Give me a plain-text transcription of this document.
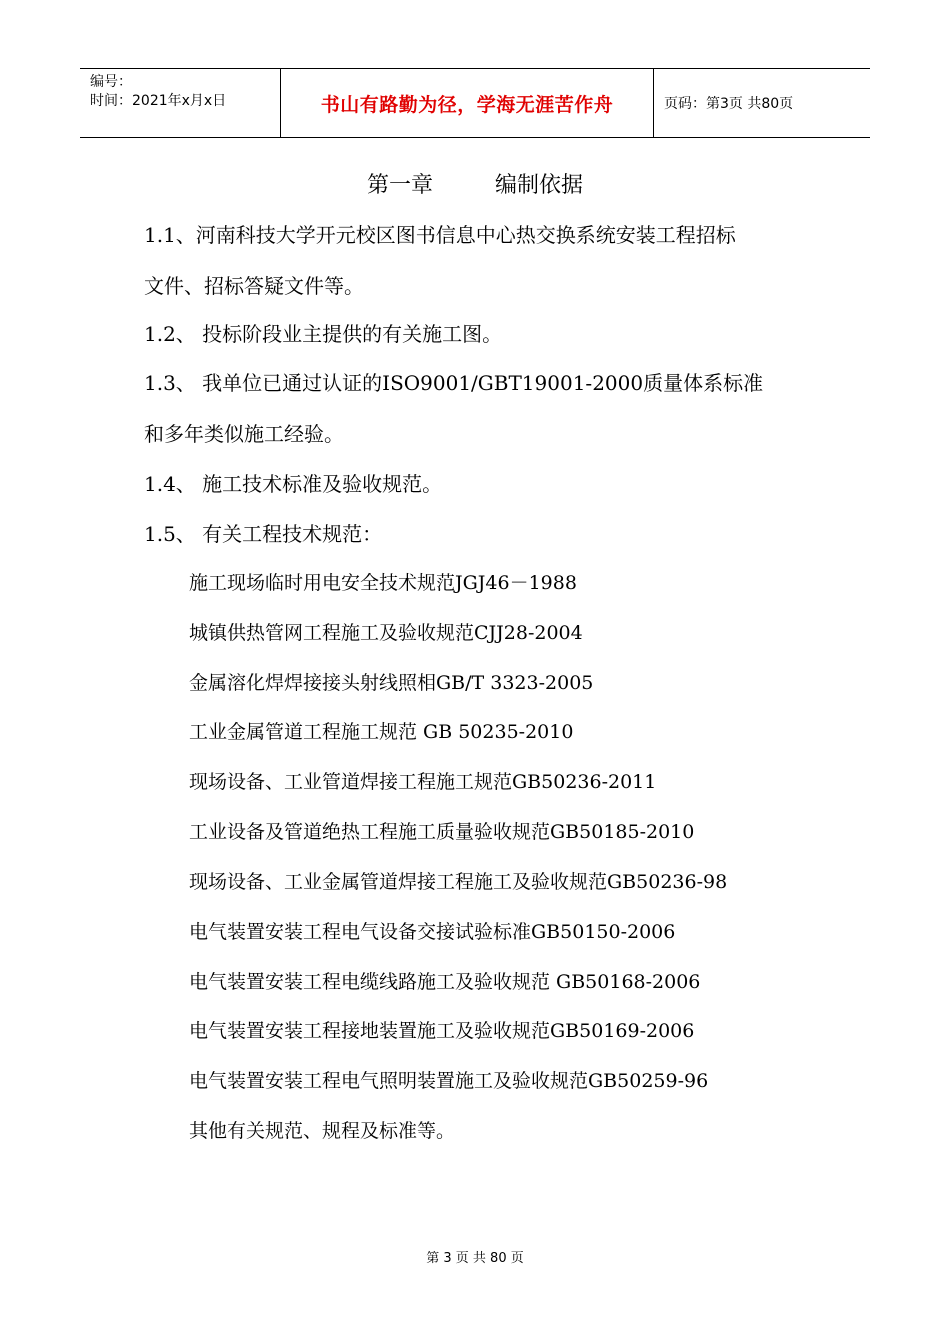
编号：
时间：2021年x月x日	书山有路勤为径，学海无涯苦作舟	页码：第3页 共80页
第一章	编制依据
1.1、河南科技大学开元校区图书信息中心热交换系统安装工程招标
文件、招标答疑文件等。
1.2、 投标阶段业主提供的有关施工图。
1.3、 我单位已通过认证的ISO9001/GBT19001-2000质量体系标准
和多年类似施工经验。
1.4、 施工技术标准及验收规范。
1.5、 有关工程技术规范：
施工现场临时用电安全技术规范JGJ46－1988
城镇供热管网工程施工及验收规范CJJ28-2004
金属溶化焊焊接接头射线照相GB/T 3323-2005
工业金属管道工程施工规范 GB 50235-2010
现场设备、工业管道焊接工程施工规范GB50236-2011
工业设备及管道绝热工程施工质量验收规范GB50185-2010
现场设备、工业金属管道焊接工程施工及验收规范GB50236-98
电气装置安装工程电气设备交接试验标准GB50150-2006
电气装置安装工程电缆线路施工及验收规范 GB50168-2006
电气装置安装工程接地装置施工及验收规范GB50169-2006
电气装置安装工程电气照明装置施工及验收规范GB50259-96
其他有关规范、规程及标准等。
第 3 页 共 80 页
